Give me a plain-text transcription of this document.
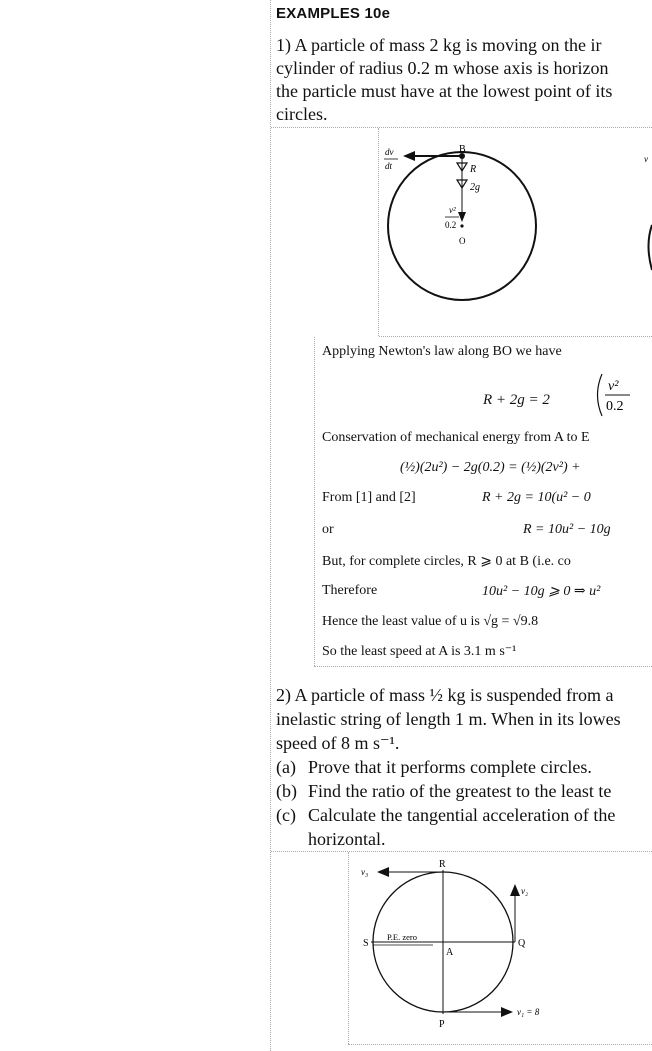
EXAMPLES 10e
1) A particle of mass 2 kg is moving on the ir
cylinder of radius 0.2 m whose axis is horizon
the particle must have at the lowest point of its
circles.
B
R
2g
O
dv
dt
v²
0.2
v
Applying Newton's law along BO we have
R + 2g = 2
v²
0.2
Conservation of mechanical energy from A to E
(½)(2u²) − 2g(0.2) = (½)(2v²) +
From [1] and [2]	R + 2g = 10(u² − 0
or	R = 10u² − 10g
But, for complete circles, R ⩾ 0 at B (i.e. co
Therefore	10u² − 10g ⩾ 0 ⇒ u²
Hence the least value of u is √g = √9.8
So the least speed at A is 3.1 m s⁻¹
2) A particle of mass ½ kg is suspended from a
inelastic string of length 1 m. When in its lowes
speed of 8 m s⁻¹.
(a) Prove that it performs complete circles.
(b) Find the ratio of the greatest to the least te
(c) Calculate the tangential acceleration of the
horizontal.
R
S	Q
A
P
P.E. zero
v₃
v₂
v₁ = 8
